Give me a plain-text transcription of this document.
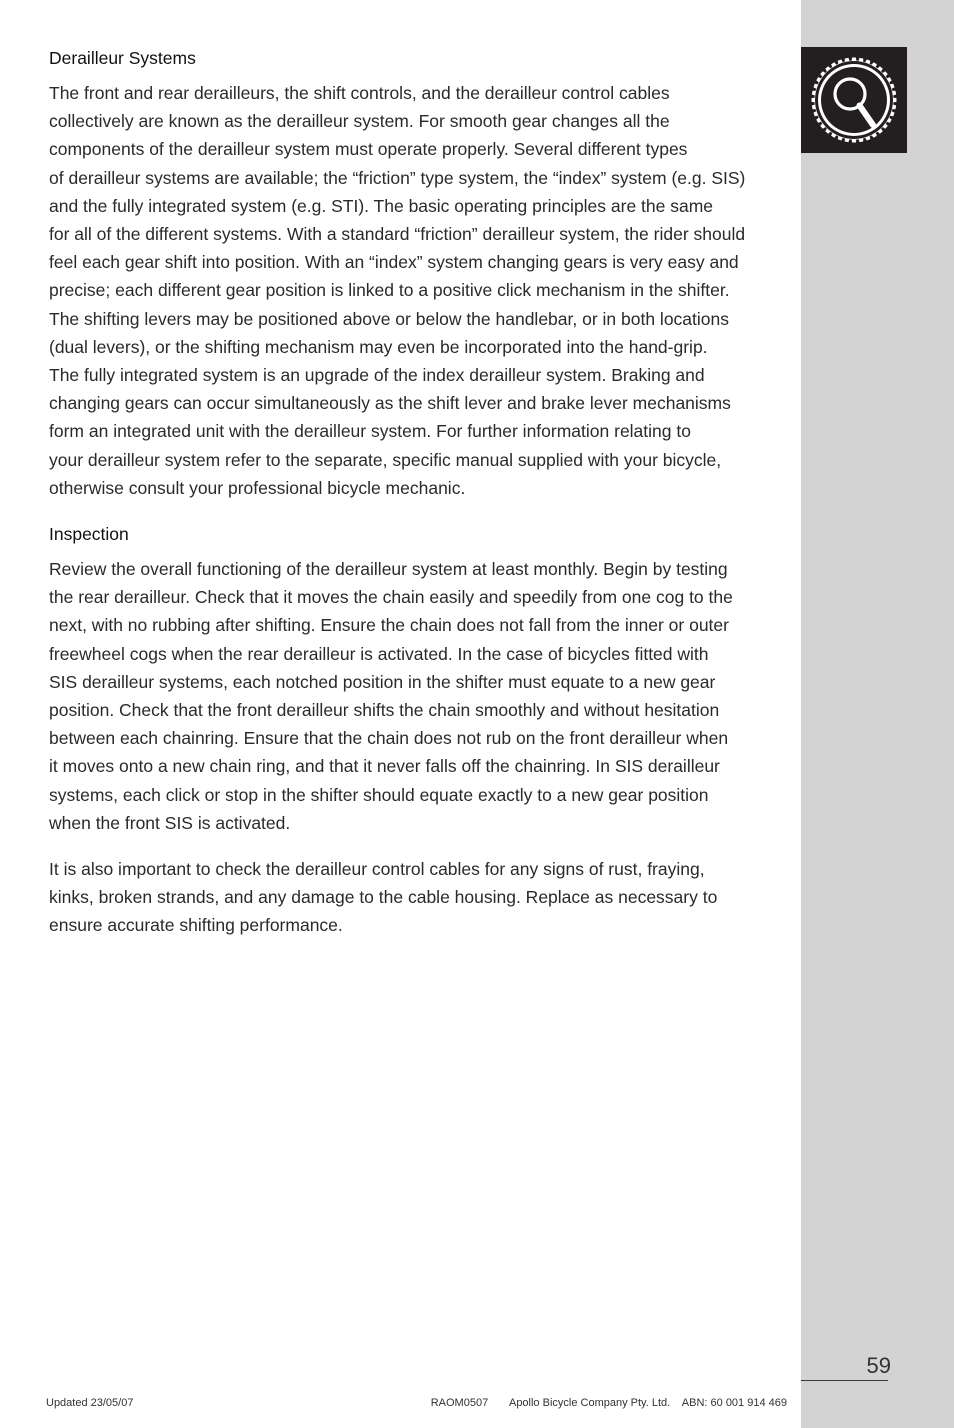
Derailleur Systems

The front and rear derailleurs, the shift controls, and the derailleur control cables
collectively are known as the derailleur system. For smooth gear changes all the
components of the derailleur system must operate properly. Several different types
of derailleur systems are available; the “friction” type system, the “index” system (e.g. SIS)
and the fully integrated system (e.g. STI). The basic operating principles are the same
for all of the different systems. With a standard “friction” derailleur system, the rider should
feel each gear shift into position. With an “index” system changing gears is very easy and
precise; each different gear position is linked to a positive click mechanism in the shifter.
The shifting levers may be positioned above or below the handlebar, or in both locations
(dual levers), or the shifting mechanism may even be incorporated into the hand-grip.
The fully integrated system is an upgrade of the index derailleur system. Braking and
changing gears can occur simultaneously as the shift lever and brake lever mechanisms
form an integrated unit with the derailleur system. For further information relating to
your derailleur system refer to the separate, specific manual supplied with your bicycle,
otherwise consult your professional bicycle mechanic.

Inspection

Review the overall functioning of the derailleur system at least monthly. Begin by testing
the rear derailleur. Check that it moves the chain easily and speedily from one cog to the
next, with no rubbing after shifting. Ensure the chain does not fall from the inner or outer
freewheel cogs when the rear derailleur is activated. In the case of bicycles fitted with
SIS derailleur systems, each notched position in the shifter must equate to a new gear
position. Check that the front derailleur shifts the chain smoothly and without hesitation
between each chainring. Ensure that the chain does not rub on the front derailleur when
it moves onto a new chain ring, and that it never falls off the chainring. In SIS derailleur
systems, each click or stop in the shifter should equate exactly to a new gear position
when the front SIS is activated.

It is also important to check the derailleur control cables for any signs of rust, fraying,
kinks, broken strands, and any damage to the cable housing. Replace as necessary to
ensure accurate shifting performance.

59
Updated 23/05/07	RAOM0507       Apollo Bicycle Company Pty. Ltd.    ABN: 60 001 914 469
